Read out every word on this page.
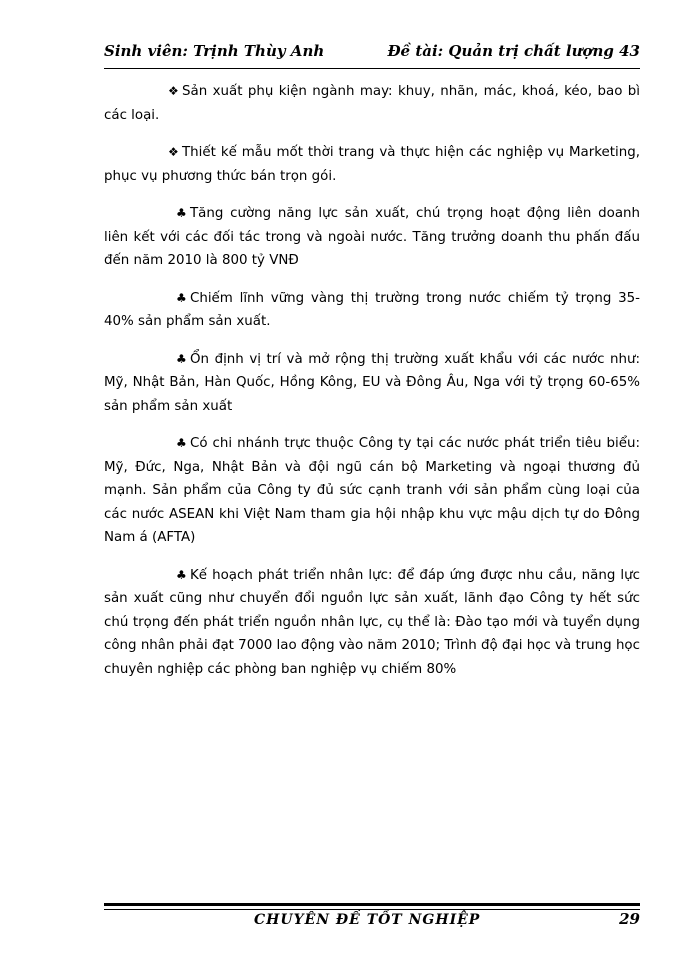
Sinh viên: Trịnh Thùy Anh	Đề tài: Quản trị chất lượng 43

❖ Sản xuất phụ kiện ngành may: khuy, nhãn, mác, khoá, kéo, bao bì các loại.

❖ Thiết kế mẫu mốt thời trang và thực hiện các nghiệp vụ Marketing, phục vụ phương thức bán trọn gói.

♣ Tăng cường năng lực sản xuất, chú trọng hoạt động liên doanh liên kết với các đối tác trong và ngoài nước. Tăng trưởng doanh thu phấn đấu đến năm 2010 là 800 tỷ VNĐ

♣ Chiếm lĩnh vững vàng thị trường trong nước chiếm tỷ trọng 35-40% sản phẩm sản xuất.

♣ Ổn định vị trí và mở rộng thị trường xuất khẩu với các nước như: Mỹ, Nhật Bản, Hàn Quốc, Hồng Kông, EU và Đông Âu, Nga với tỷ trọng 60-65% sản phẩm sản xuất

♣ Có chi nhánh trực thuộc Công ty tại các nước phát triển tiêu biểu: Mỹ, Đức, Nga, Nhật Bản và đội ngũ cán bộ Marketing và ngoại thương đủ mạnh. Sản phẩm của Công ty đủ sức cạnh tranh với sản phẩm cùng loại của các nước ASEAN khi Việt Nam tham gia hội nhập khu vực mậu dịch tự do Đông Nam á (AFTA)

♣ Kế hoạch phát triển nhân lực: để đáp ứng được nhu cầu, năng lực sản xuất cũng như chuyển đổi nguồn lực sản xuất, lãnh đạo Công ty hết sức chú trọng đến phát triển nguồn nhân lực, cụ thể là: Đào tạo mới và tuyển dụng công nhân phải đạt 7000 lao động vào năm 2010; Trình độ đại học và trung học chuyên nghiệp các phòng ban nghiệp vụ chiếm 80%

CHUYÊN ĐỀ TỐT NGHIỆP	29
